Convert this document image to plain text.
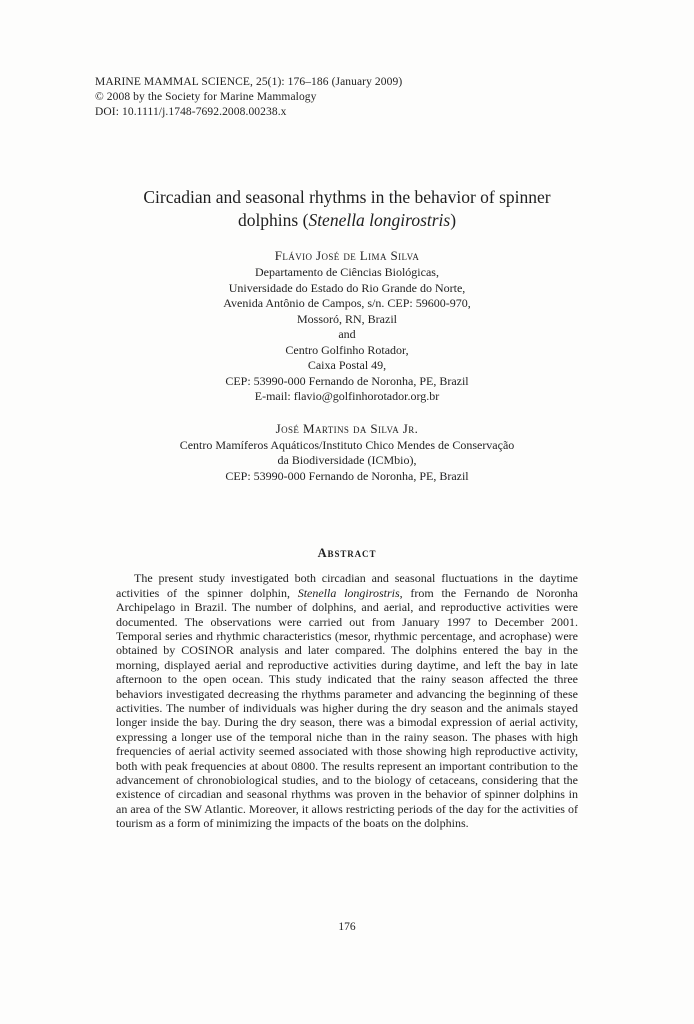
MARINE MAMMAL SCIENCE, 25(1): 176–186 (January 2009)
© 2008 by the Society for Marine Mammalogy
DOI: 10.1111/j.1748-7692.2008.00238.x
Circadian and seasonal rhythms in the behavior of spinner
dolphins (Stenella longirostris)
Flávio José de Lima Silva
Departamento de Ciências Biológicas,
Universidade do Estado do Rio Grande do Norte,
Avenida Antônio de Campos, s/n. CEP: 59600-970,
Mossoró, RN, Brazil
and
Centro Golfinho Rotador,
Caixa Postal 49,
CEP: 53990-000 Fernando de Noronha, PE, Brazil
E-mail: flavio@golfinhorotador.org.br
José Martins da Silva Jr.
Centro Mamíferos Aquáticos/Instituto Chico Mendes de Conservação
da Biodiversidade (ICMbio),
CEP: 53990-000 Fernando de Noronha, PE, Brazil
Abstract

The present study investigated both circadian and seasonal fluctuations in the daytime activities of the spinner dolphin, Stenella longirostris, from the Fernando de Noronha Archipelago in Brazil. The number of dolphins, and aerial, and reproductive activities were documented. The observations were carried out from January 1997 to December 2001. Temporal series and rhythmic characteristics (mesor, rhythmic percentage, and acrophase) were obtained by COSINOR analysis and later compared. The dolphins entered the bay in the morning, displayed aerial and reproductive activities during daytime, and left the bay in late afternoon to the open ocean. This study indicated that the rainy season affected the three behaviors investigated decreasing the rhythms parameter and advancing the beginning of these activities. The number of individuals was higher during the dry season and the animals stayed longer inside the bay. During the dry season, there was a bimodal expression of aerial activity, expressing a longer use of the temporal niche than in the rainy season. The phases with high frequencies of aerial activity seemed associated with those showing high reproductive activity, both with peak frequencies at about 0800. The results represent an important contribution to the advancement of chronobiological studies, and to the biology of cetaceans, considering that the existence of circadian and seasonal rhythms was proven in the behavior of spinner dolphins in an area of the SW Atlantic. Moreover, it allows restricting periods of the day for the activities of tourism as a form of minimizing the impacts of the boats on the dolphins.

176
